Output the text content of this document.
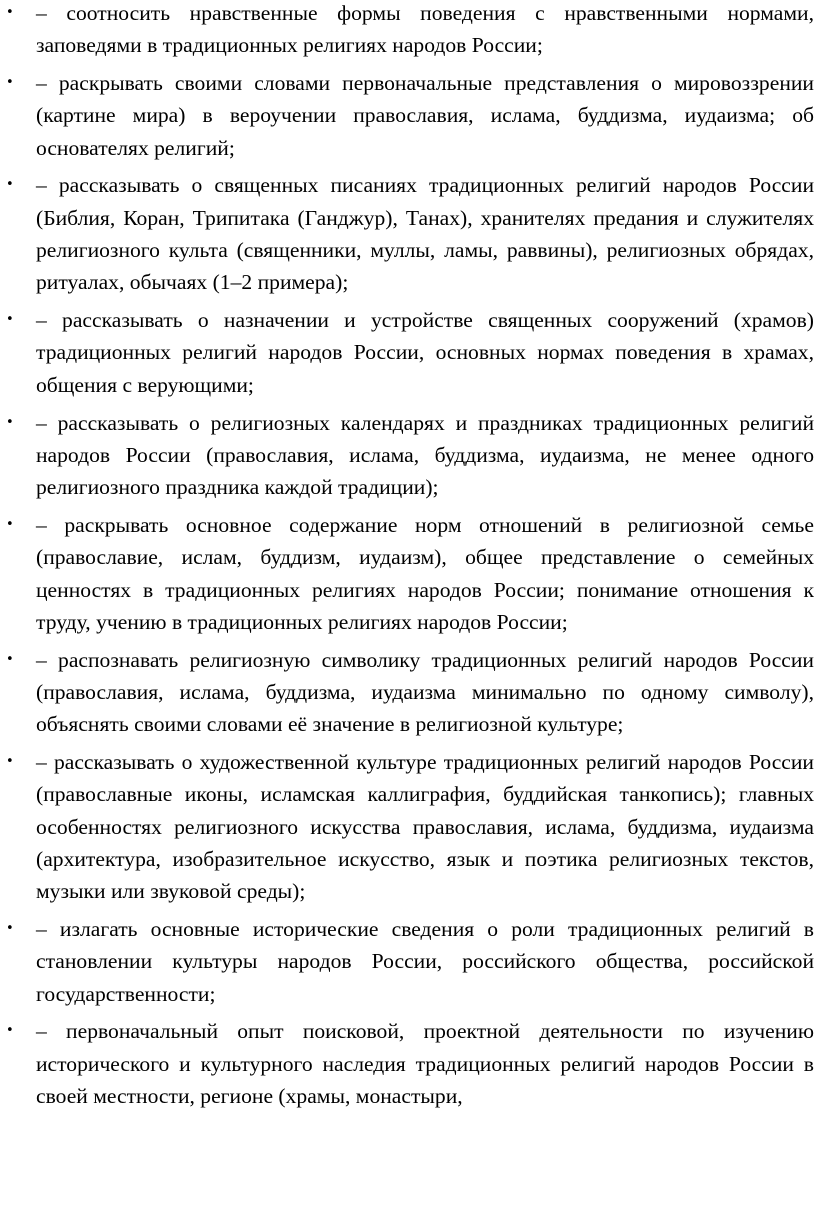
•	– соотносить нравственные формы поведения с нравственными нормами, заповедями в традиционных религиях народов России;
•	– раскрывать своими словами первоначальные представления о мировоззрении (картине мира) в вероучении православия, ислама, буддизма, иудаизма; об основателях религий;
•	– рассказывать о священных писаниях традиционных религий народов России (Библия, Коран, Трипитака (Ганджур), Танах), хранителях предания и служителях религиозного культа (священники, муллы, ламы, раввины), религиозных обрядах, ритуалах, обычаях (1–2 примера);
•	– рассказывать о назначении и устройстве священных сооружений (храмов) традиционных религий народов России, основных нормах поведения в храмах, общения с верующими;
•	– рассказывать о религиозных календарях и праздниках традиционных религий народов России (православия, ислама, буддизма, иудаизма, не менее одного религиозного праздника каждой традиции);
•	– раскрывать основное содержание норм отношений в религиозной семье (православие, ислам, буддизм, иудаизм), общее представление о семейных ценностях в традиционных религиях народов России; понимание отношения к труду, учению в традиционных религиях народов России;
•	– распознавать религиозную символику традиционных религий народов России (православия, ислама, буддизма, иудаизма минимально по одному символу), объяснять своими словами её значение в религиозной культуре;
•	– рассказывать о художественной культуре традиционных религий народов России (православные иконы, исламская каллиграфия, буддийская танкопись); главных особенностях религиозного искусства православия, ислама, буддизма, иудаизма (архитектура, изобразительное искусство, язык и поэтика религиозных текстов, музыки или звуковой среды);
•	– излагать основные исторические сведения о роли традиционных религий в становлении культуры народов России, российского общества, российской государственности;
•	– первоначальный опыт поисковой, проектной деятельности по изучению исторического и культурного наследия традиционных религий народов России в своей местности, регионе (храмы, монастыри,
